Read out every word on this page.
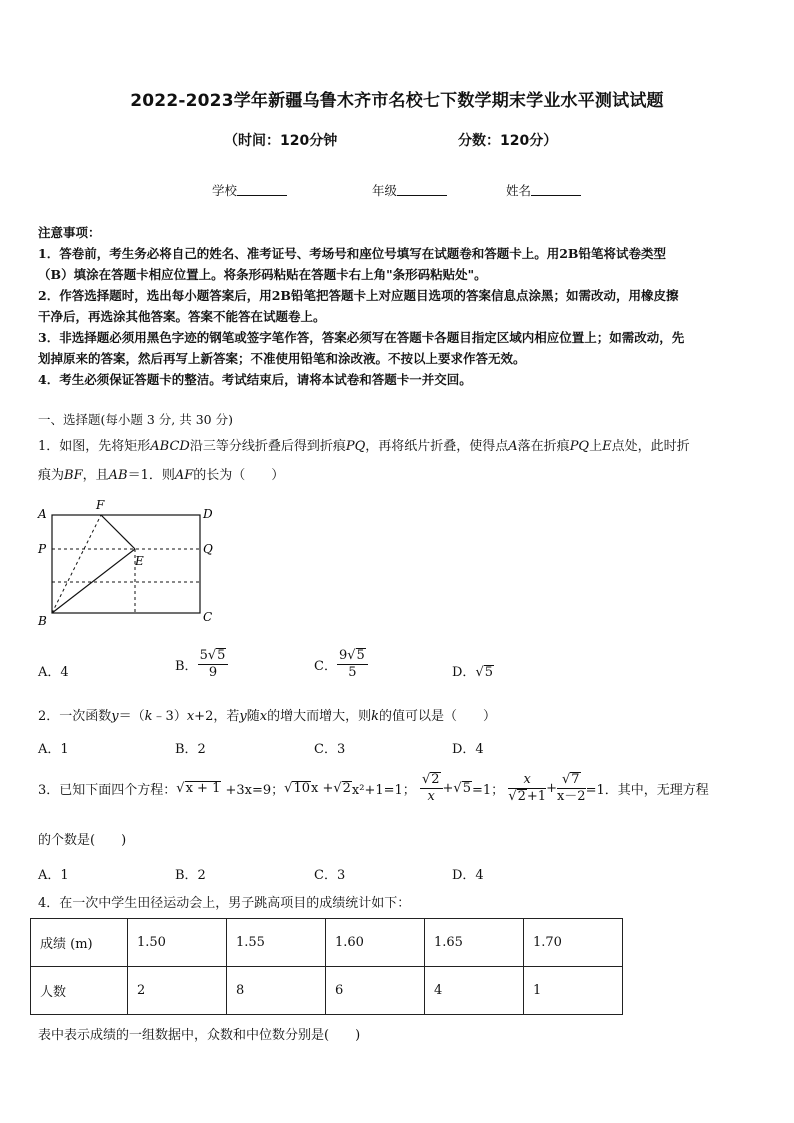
2022-2023学年新疆乌鲁木齐市名校七下数学期末学业水平测试试题
（时间：120分钟	分数：120分）
学校	年级	姓名
注意事项：
1．答卷前，考生务必将自己的姓名、准考证号、考场号和座位号填写在试题卷和答题卡上。用2B铅笔将试卷类型
（B）填涂在答题卡相应位置上。将条形码粘贴在答题卡右上角"条形码粘贴处"。
2．作答选择题时，选出每小题答案后，用2B铅笔把答题卡上对应题目选项的答案信息点涂黑；如需改动，用橡皮擦
干净后，再选涂其他答案。答案不能答在试题卷上。
3．非选择题必须用黑色字迹的钢笔或签字笔作答，答案必须写在答题卡各题目指定区域内相应位置上；如需改动，先
划掉原来的答案，然后再写上新答案；不准使用铅笔和涂改液。不按以上要求作答无效。
4．考生必须保证答题卡的整洁。考试结束后，请将本试卷和答题卡一并交回。
一、选择题(每小题 3 分, 共 30 分)
1．如图，先将矩形ABCD沿三等分线折叠后得到折痕PQ，再将纸片折叠，使得点A落在折痕PQ上E点处，此时折
痕为BF，且AB＝1．则AF的长为（　　）
A
F
D
P	Q
E
B	C
A．4	B． $\frac{5√5}{9}$	C． $\frac{9√5}{5}$	D．√5
2．一次函数y＝（k﹣3）x+2，若y随x的增大而增大，则k的值可以是（　　）
A．1	B．2	C．3	D．4
3．已知下面四个方程：√x + 1 +3x=9；√10x +√2x²+1=1； $\frac{√2}{x} +√5=1$； $\frac{x}{√2+1} + \frac{√7}{x-2} =1$．其中，无理方程
的个数是(　　)
A．1	B．2	C．3	D．4
4．在一次中学生田径运动会上，男子跳高项目的成绩统计如下：
成绩 (m)	1.50	1.55	1.60	1.65	1.70
人数	2	8	6	4	1
表中表示成绩的一组数据中，众数和中位数分别是(　　)
